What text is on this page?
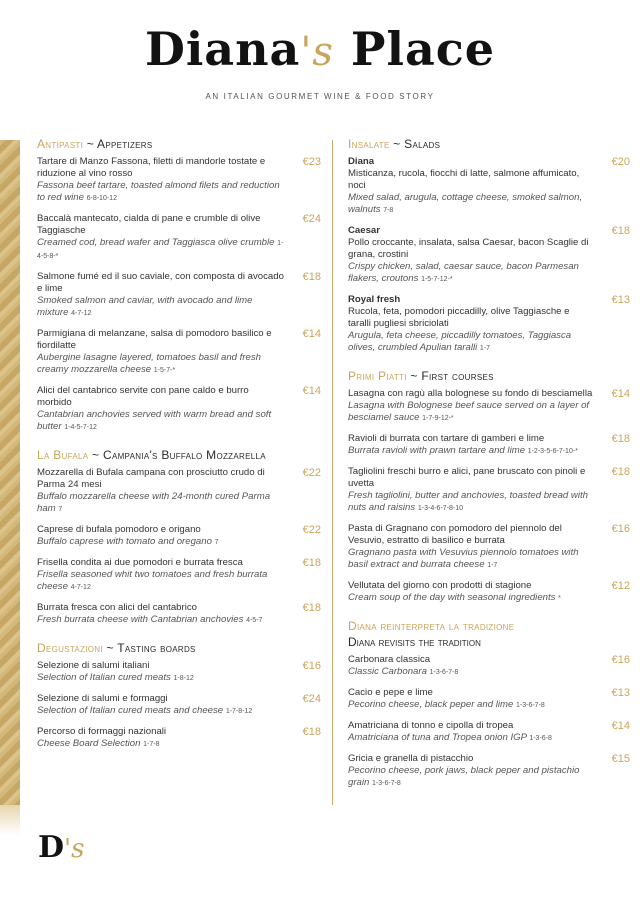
Diana's Place
AN ITALIAN GOURMET WINE & FOOD STORY
Antipasti ~ Appetizers
Tartare di Manzo Fassona, filetti di mandorle tostate e riduzione al vino rosso
Fassona beef tartare, toasted almond filets and reduction to red wine 6-8-10-12
€23
Baccalà mantecato, cialda di pane e crumble di olive Taggiasche
Creamed cod, bread wafer and Taggiasca olive crumble 1-4-5-8-*
€24
Salmone fumé ed il suo caviale, con composta di avocado e lime
Smoked salmon and caviar, with avocado and lime mixture 4-7-12
€18
Parmigiana di melanzane, salsa di pomodoro basilico e fiordilatte
Aubergine lasagne layered, tomatoes basil and fresh creamy mozzarella cheese 1-5-7-*
€14
Alici del cantabrico servite con pane caldo e burro morbido
Cantabrian anchovies served with warm bread and soft butter 1-4-5-7-12
€14
La Bufala ~ Campania's Buffalo Mozzarella
Mozzarella di Bufala campana con prosciutto crudo di Parma 24 mesi
Buffalo mozzarella cheese with 24-month cured Parma ham 7
€22
Caprese di bufala pomodoro e origano
Buffalo caprese with tomato and oregano 7
€22
Frisella condita ai due pomodori e burrata fresca
Frisella seasoned whit two tomatoes and fresh burrata cheese 4-7-12
€18
Burrata fresca con alici del cantabrico
Fresh burrata cheese with Cantabrian anchovies 4-5-7
€18
Degustazioni ~ Tasting boards
Selezione di salumi italiani
Selection of Italian cured meats 1-8-12
€16
Selezione di salumi e formaggi
Selection of Italian cured meats and cheese 1-7-8-12
€24
Percorso di formaggi nazionali
Cheese Board Selection 1-7-8
€18
Insalate ~ Salads
Diana
Misticanza, rucola, fiocchi di latte, salmone affumicato, noci
Mixed salad, arugula, cottage cheese, smoked salmon, walnuts 7-8
€20
Caesar
Pollo croccante, insalata, salsa Caesar, bacon Scaglie di grana, crostini
Crispy chicken, salad, caesar sauce, bacon Parmesan flakers, croutons 1-5-7-12-*
€18
Royal fresh
Rucola, feta, pomodori piccadilly, olive Taggiasche e taralli pugliesi sbriciolati
Arugula, feta cheese, piccadilly tomatoes, Taggiasca olives, crumbled Apulian taralli 1-7
€13
Primi Piatti ~ First courses
Lasagna con ragù alla bolognese su fondo di besciamella
Lasagna with Bolognese beef sauce served on a layer of besciamel sauce 1-7-9-12-*
€14
Ravioli di burrata con tartare di gamberi e lime
Burrata ravioli with prawn tartare and lime 1-2-3-5-6-7-10-*
€18
Tagliolini freschi burro e alici, pane bruscato con pinoli e uvetta
Fresh tagliolini, butter and anchovies, toasted bread with nuts and raisins 1-3-4-6-7-8-10
€18
Pasta di Gragnano con pomodoro del piennolo del Vesuvio, estratto di basilico e burrata
Gragnano pasta with Vesuvius piennolo tomatoes with basil extract and burrata cheese 1-7
€16
Vellutata del giorno con prodotti di stagione
Cream soup of the day with seasonal ingredients *
€12
Diana reinterpreta la tradizione
Diana revisits the tradition
Carbonara classica
Classic Carbonara 1-3-6-7-8
€16
Cacio e pepe e lime
Pecorino cheese, black peper and lime 1-3-6-7-8
€13
Amatriciana di tonno e cipolla di tropea
Amatriciana of tuna and Tropea onion IGP 1-3-6-8
€14
Gricia e granella di pistacchio
Pecorino cheese, pork jaws, black peper and pistachio grain 1-3-6-7-8
€15
D's
